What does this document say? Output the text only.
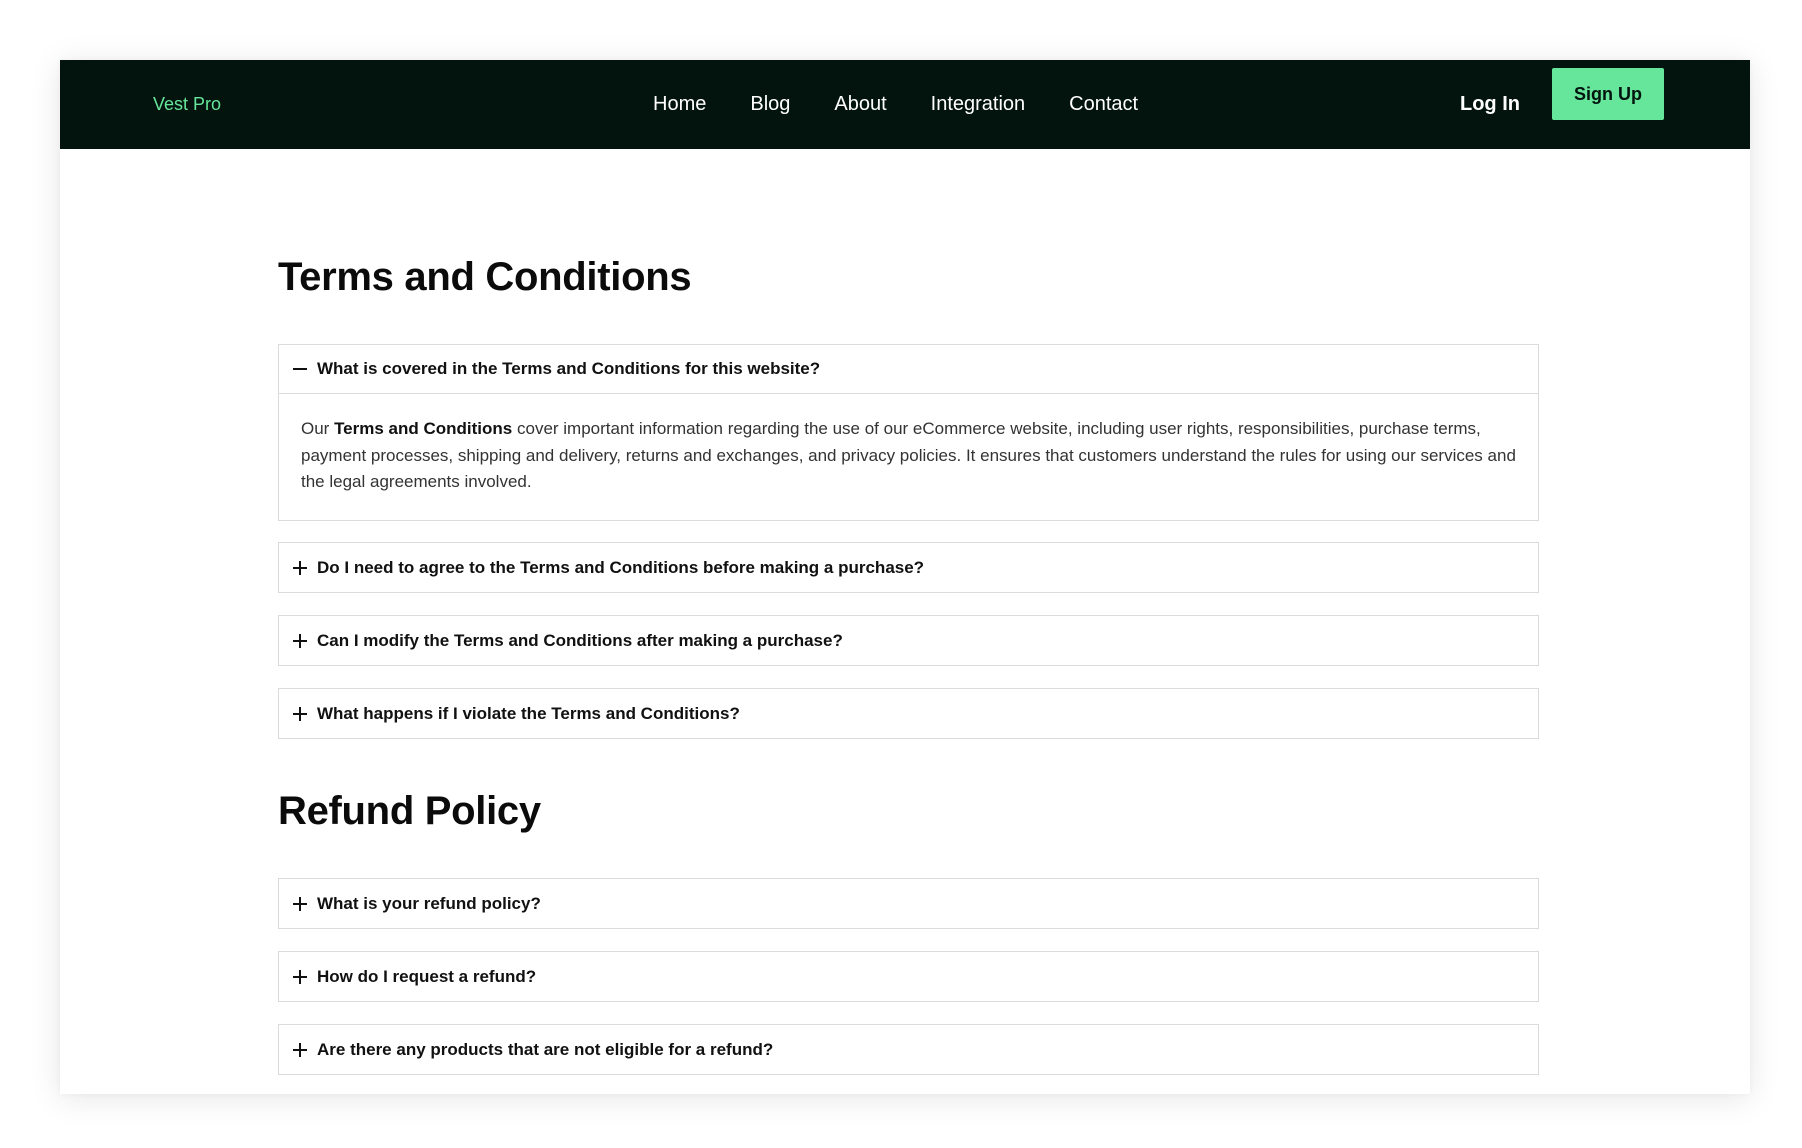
Vest Pro	Home Blog About Integration Contact	Log In	Sign Up
Terms and Conditions
What is covered in the Terms and Conditions for this website?
Our Terms and Conditions cover important information regarding the use of our eCommerce website, including user rights, responsibilities, purchase terms, payment processes, shipping and delivery, returns and exchanges, and privacy policies. It ensures that customers understand the rules for using our services and the legal agreements involved.
Do I need to agree to the Terms and Conditions before making a purchase?
Can I modify the Terms and Conditions after making a purchase?
What happens if I violate the Terms and Conditions?
Refund Policy
What is your refund policy?
How do I request a refund?
Are there any products that are not eligible for a refund?
